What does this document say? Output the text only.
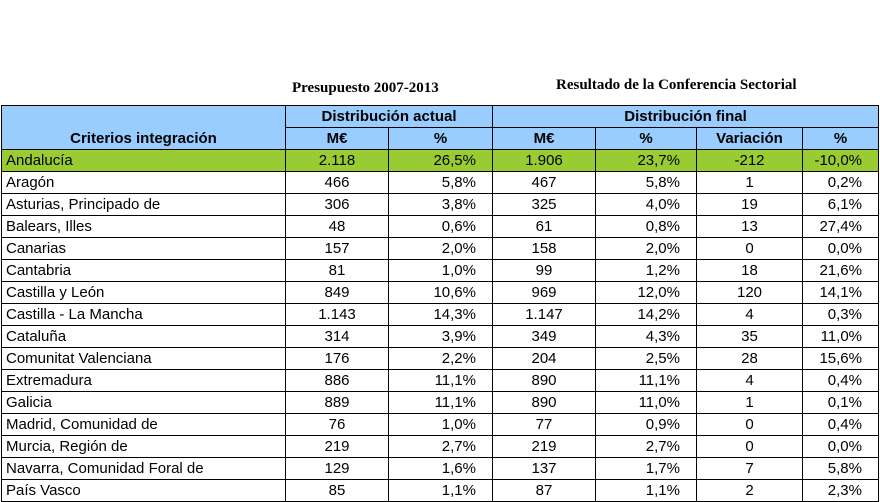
Presupuesto 2007-2013	Resultado de la Conferencia Sectorial
Criterios integración	Distribución actual		Distribución final			
	M€	%	M€	%	Variación	%
Andalucía	2.118	26,5%	1.906	23,7%	-212	-10,0%
Aragón	466	5,8%	467	5,8%	1	0,2%
Asturias, Principado de	306	3,8%	325	4,0%	19	6,1%
Balears, Illes	48	0,6%	61	0,8%	13	27,4%
Canarias	157	2,0%	158	2,0%	0	0,0%
Cantabria	81	1,0%	99	1,2%	18	21,6%
Castilla y León	849	10,6%	969	12,0%	120	14,1%
Castilla - La Mancha	1.143	14,3%	1.147	14,2%	4	0,3%
Cataluña	314	3,9%	349	4,3%	35	11,0%
Comunitat Valenciana	176	2,2%	204	2,5%	28	15,6%
Extremadura	886	11,1%	890	11,1%	4	0,4%
Galicia	889	11,1%	890	11,0%	1	0,1%
Madrid, Comunidad de	76	1,0%	77	0,9%	0	0,4%
Murcia, Región de	219	2,7%	219	2,7%	0	0,0%
Navarra, Comunidad Foral de	129	1,6%	137	1,7%	7	5,8%
País Vasco	85	1,1%	87	1,1%	2	2,3%
